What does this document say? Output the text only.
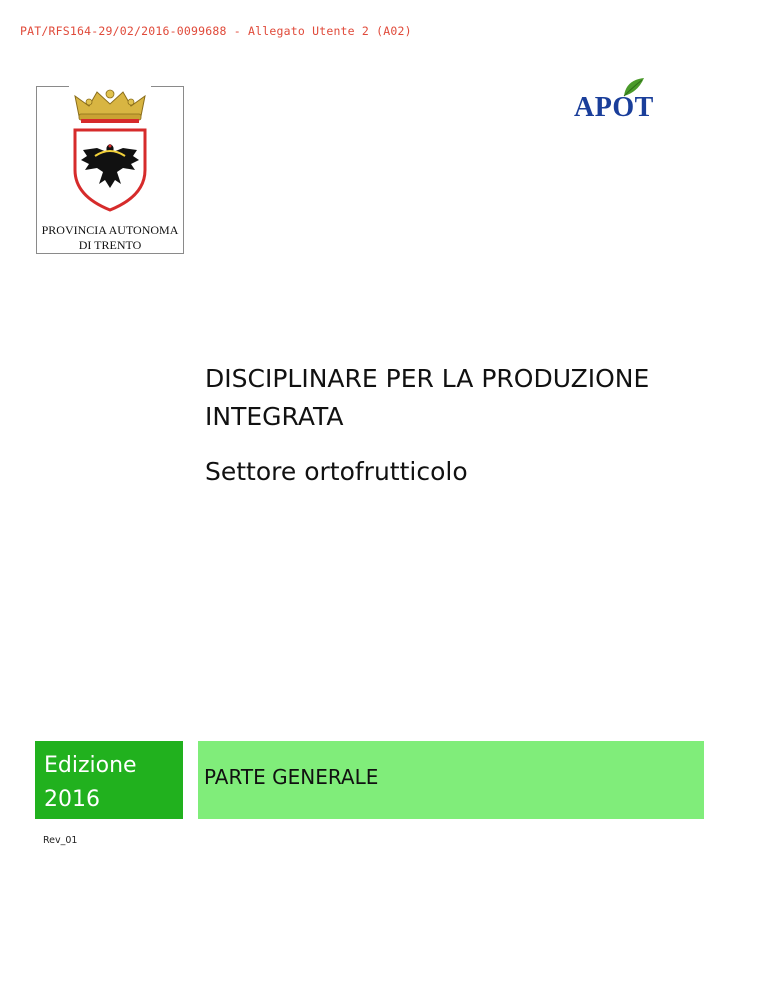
PAT/RFS164-29/02/2016-0099688 - Allegato Utente 2 (A02)
PROVINCIA AUTONOMA
DI TRENTO
APOT
DISCIPLINARE PER LA PRODUZIONE
INTEGRATA
Settore ortofrutticolo
Edizione
2016
Rev_01
PARTE GENERALE
